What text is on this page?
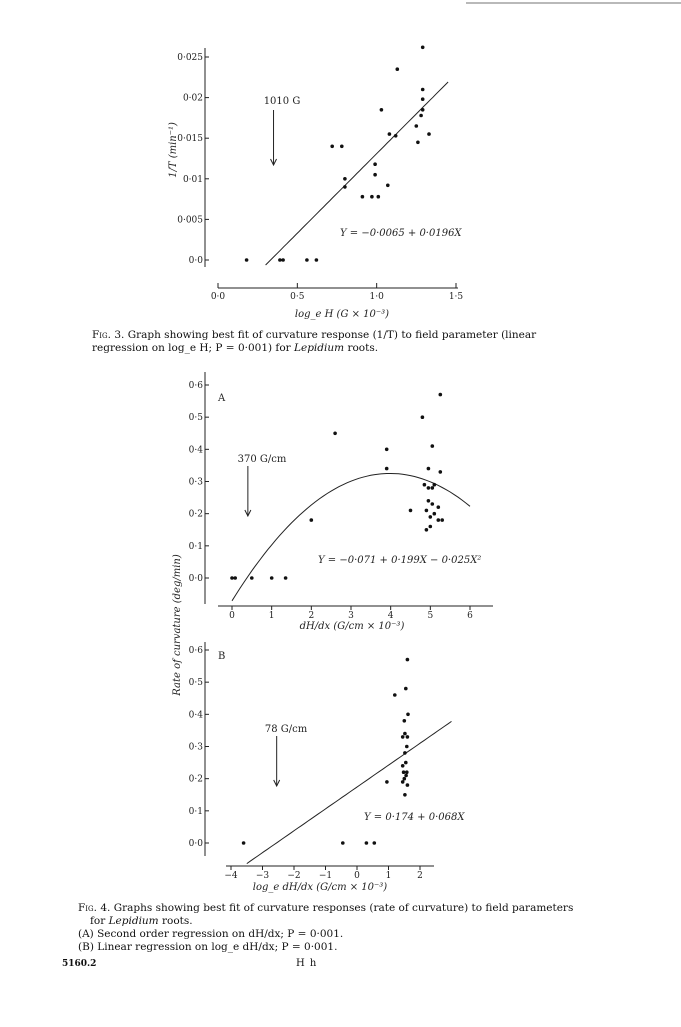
1/T (min⁻¹)
log_e H (G × 10⁻³)
1010 G
Y = −0·0065 + 0·0196X
0·0
0·005
0·01
0·015
0·02
0·025
0·0	0·5	1·0	1·5
Rate of curvature (deg/min)
A
370 G/cm
Y = −0·071 + 0·199X − 0·025X²
dH/dx (G/cm × 10⁻³)
0·0
0·1
0·2
0·3
0·4
0·5
0·6
0	1	2	3	4	5	6
B
78 G/cm
Y = 0·174 + 0·068X
log_e dH/dx (G/cm × 10⁻³)
0·0
0·1
0·2
0·3
0·4
0·5
0·6
−4 −3 −2 −1 0	1	2
Fig. 3. Graph showing best fit of curvature response (1/T) to field parameter (linear regression on log_e H; P = 0·001) for Lepidium roots.
Fig. 4. Graphs showing best fit of curvature responses (rate of curvature) to field parameters
for Lepidium roots.
(A) Second order regression on dH/dx; P = 0·001.
(B) Linear regression on log_e dH/dx; P = 0·001.
5160.2	H h
